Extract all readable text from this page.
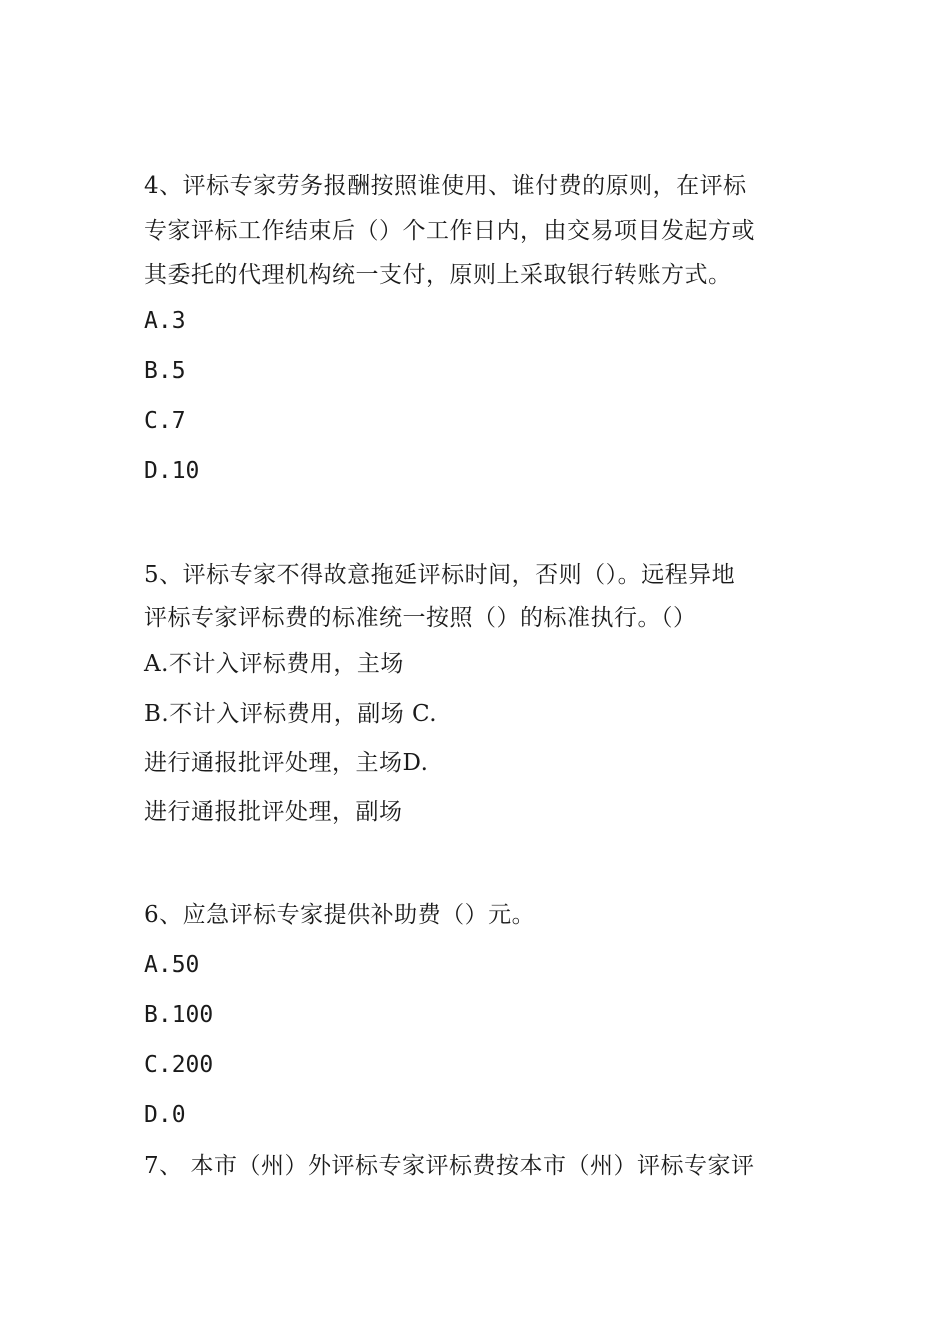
4、评标专家劳务报酬按照谁使用、谁付费的原则，在评标
专家评标工作结束后（）个工作日内，由交易项目发起方或
其委托的代理机构统一支付，原则上采取银行转账方式。
A.3
B.5
C.7
D.10
5、评标专家不得故意拖延评标时间，否则（）。远程异地
评标专家评标费的标准统一按照（）的标准执行。（）
A.不计入评标费用，主场
B.不计入评标费用，副场 C.
进行通报批评处理，主场D.
进行通报批评处理，副场
6、应急评标专家提供补助费（）元。
A.50
B.100
C.200
D.0
7、 本市（州）外评标专家评标费按本市（州）评标专家评
